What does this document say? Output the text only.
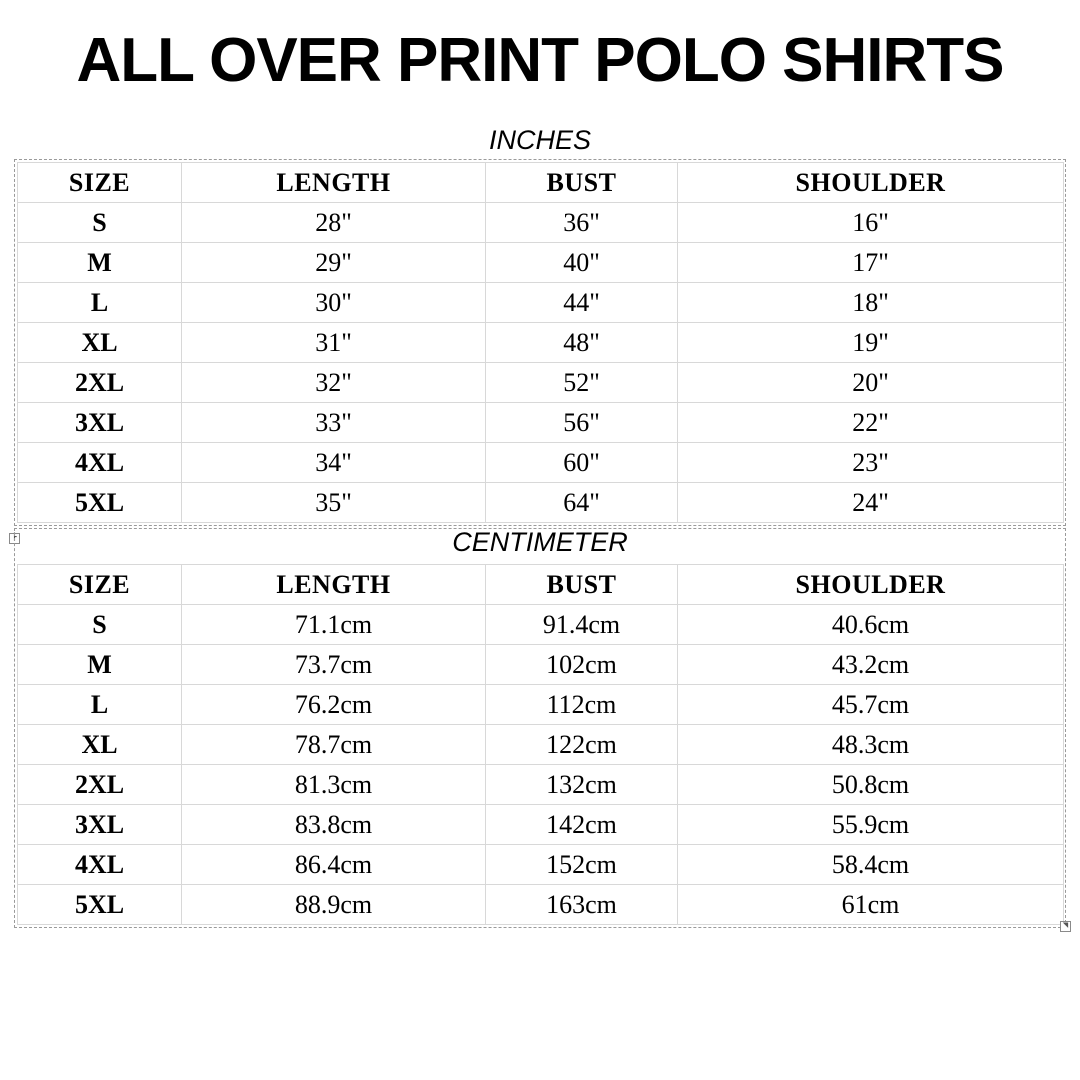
ALL OVER PRINT POLO SHIRTS
INCHES
SIZE	LENGTH	BUST	SHOULDER
S	28"	36"	16"
M	29"	40"	17"
L	30"	44"	18"
XL	31"	48"	19"
2XL	32"	52"	20"
3XL	33"	56"	22"
4XL	34"	60"	23"
5XL	35"	64"	24"
┣	CENTIMETER
SIZE	LENGTH	BUST	SHOULDER
S	71.1cm	91.4cm	40.6cm
M	73.7cm	102cm	43.2cm
L	76.2cm	112cm	45.7cm
XL	78.7cm	122cm	48.3cm
2XL	81.3cm	132cm	50.8cm
3XL	83.8cm	142cm	55.9cm
4XL	86.4cm	152cm	58.4cm
5XL	88.9cm	163cm	61cm
◥
